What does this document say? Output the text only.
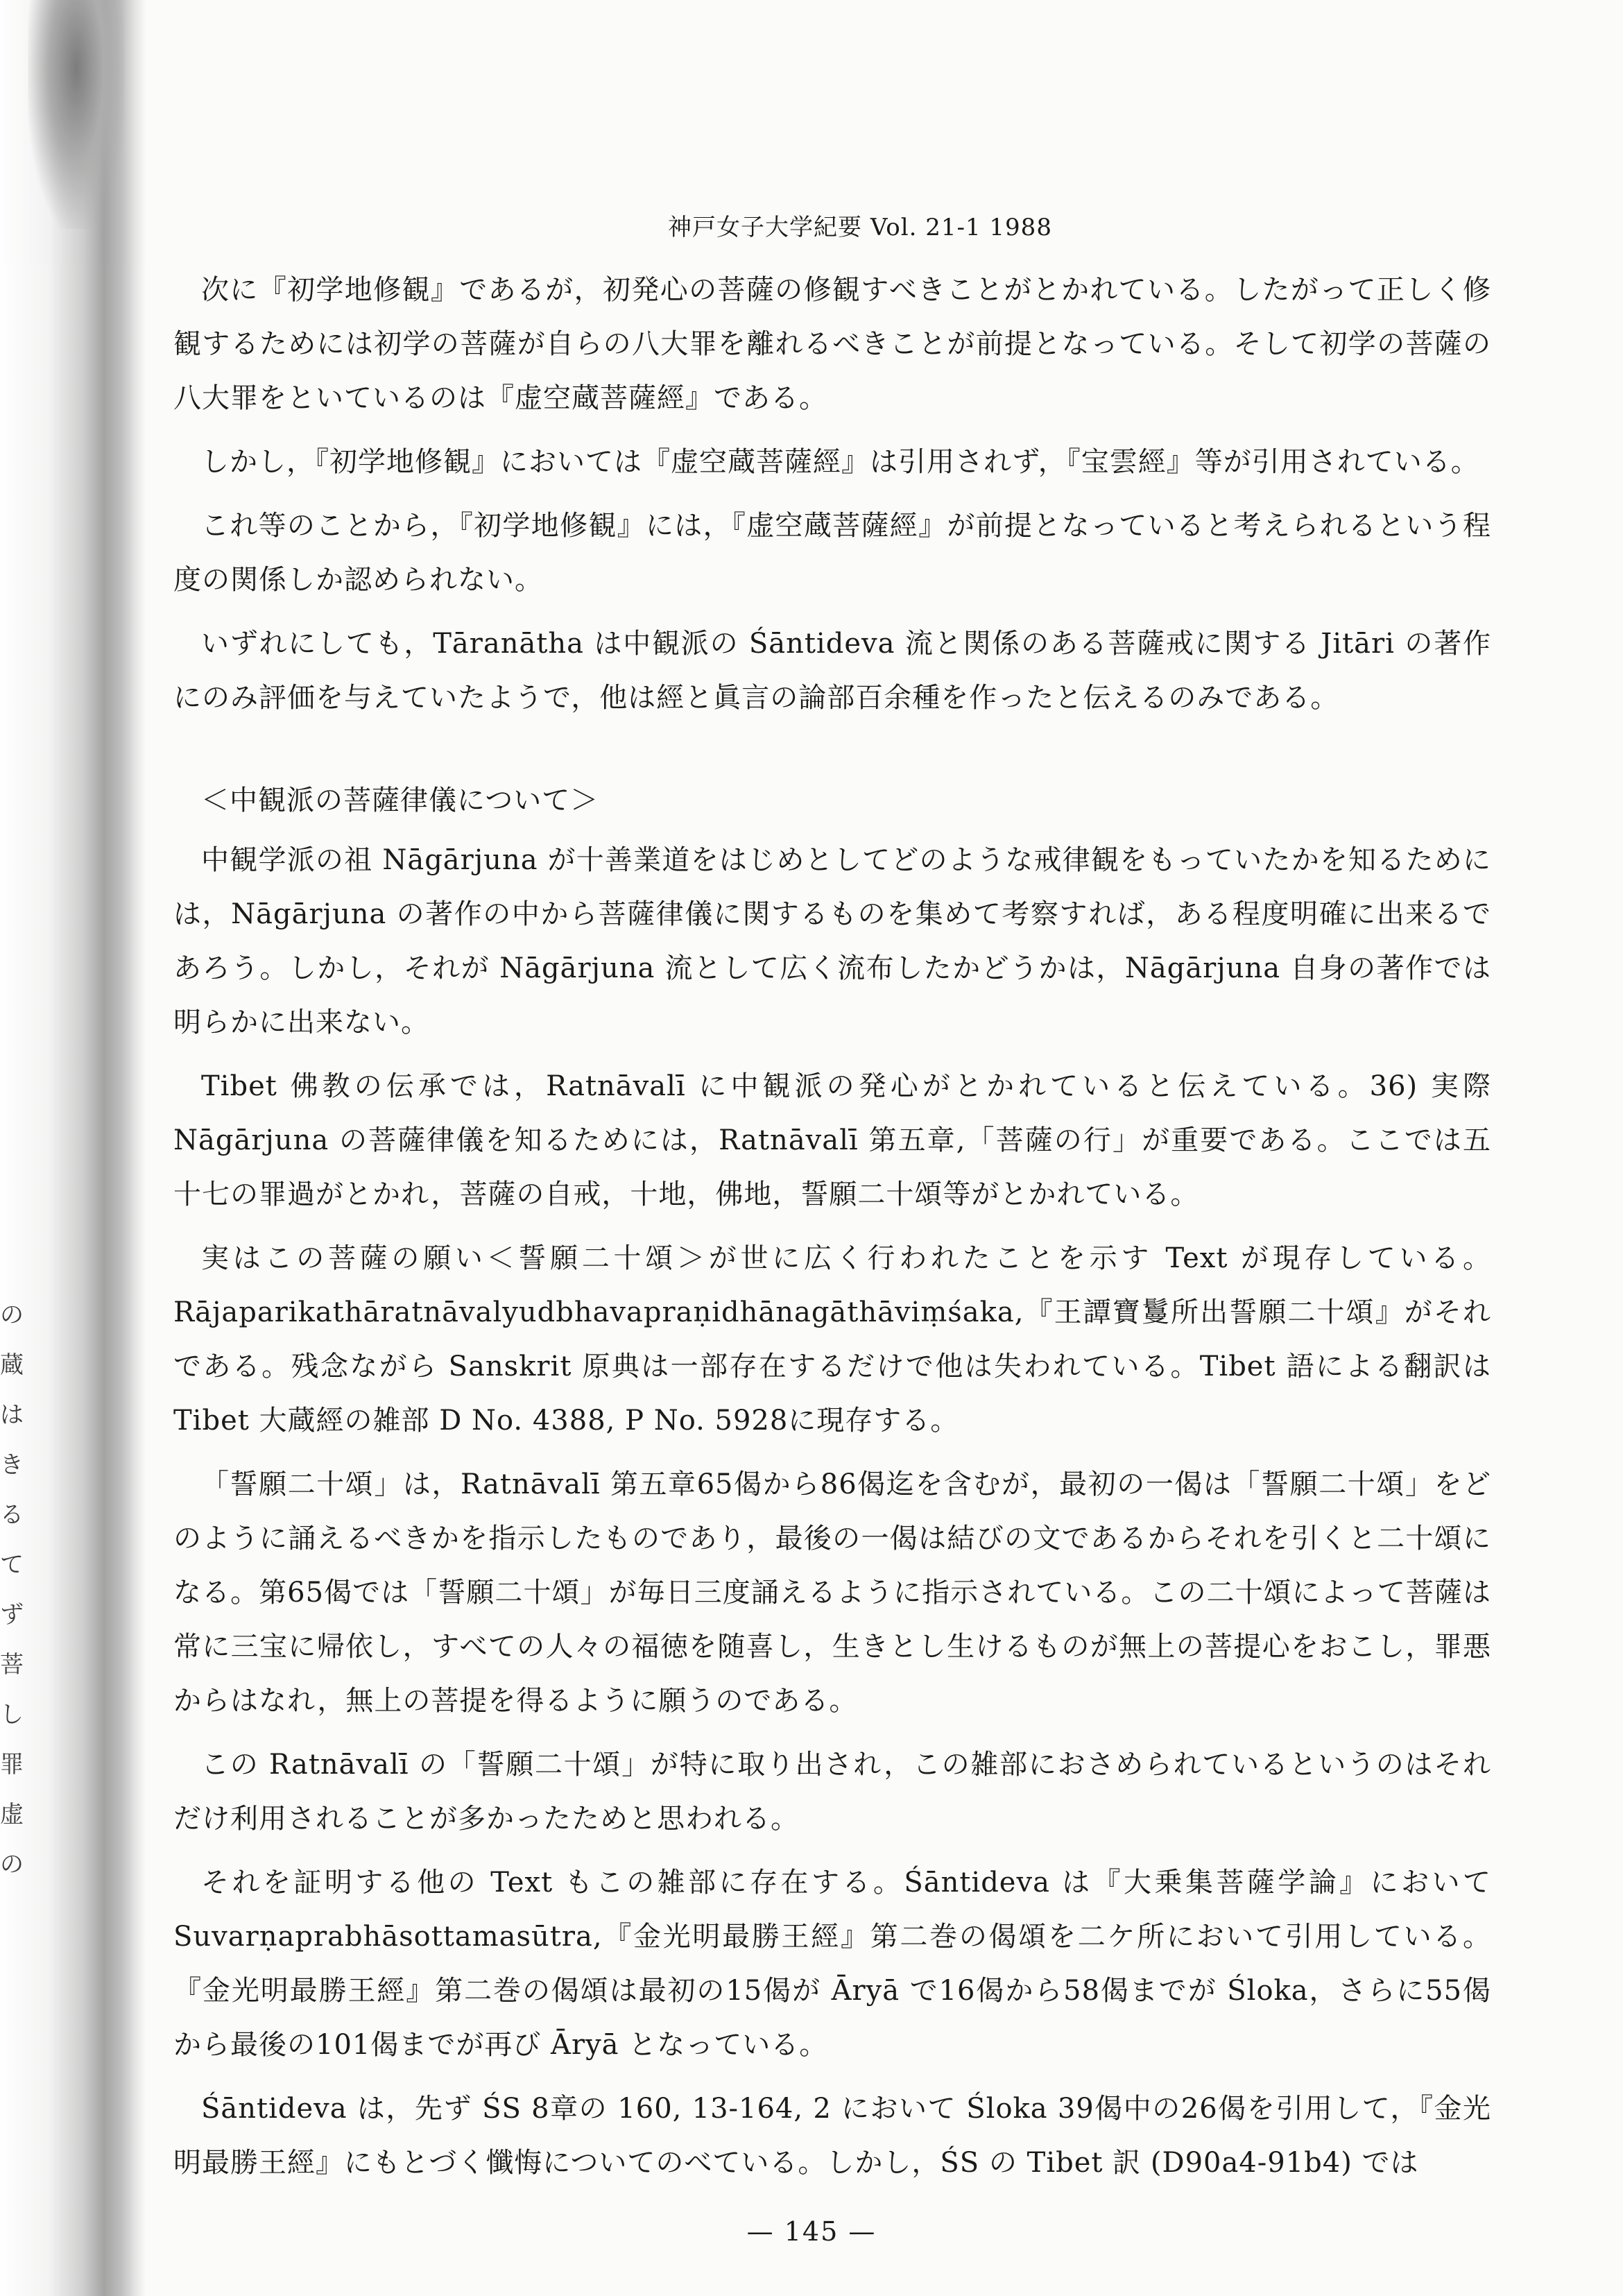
の
蔵
は
き
る
て
ず
菩
し
罪
虚
の
神戸女子大学紀要 Vol. 21-1 1988

次に『初学地修観』であるが，初発心の菩薩の修観すべきことがとかれている。したがって正しく修観するためには初学の菩薩が自らの八大罪を離れるべきことが前提となっている。そして初学の菩薩の八大罪をといているのは『虚空蔵菩薩經』である。

しかし，『初学地修観』においては『虚空蔵菩薩經』は引用されず，『宝雲經』等が引用されている。

これ等のことから，『初学地修観』には，『虚空蔵菩薩經』が前提となっていると考えられるという程度の関係しか認められない。

いずれにしても，Tāranātha は中観派の Śāntideva 流と関係のある菩薩戒に関する Jitāri の著作にのみ評価を与えていたようで，他は經と眞言の論部百余種を作ったと伝えるのみである。

＜中観派の菩薩律儀について＞

中観学派の祖 Nāgārjuna が十善業道をはじめとしてどのような戒律観をもっていたかを知るためには，Nāgārjuna の著作の中から菩薩律儀に関するものを集めて考察すれば，ある程度明確に出来るであろう。しかし，それが Nāgārjuna 流として広く流布したかどうかは，Nāgārjuna 自身の著作では明らかに出来ない。

Tibet 佛教の伝承では，Ratnāvalī に中観派の発心がとかれていると伝えている。36) 実際 Nāgārjuna の菩薩律儀を知るためには，Ratnāvalī 第五章,「菩薩の行」が重要である。ここでは五十七の罪過がとかれ，菩薩の自戒，十地，佛地，誓願二十頌等がとかれている。

実はこの菩薩の願い＜誓願二十頌＞が世に広く行われたことを示す Text が現存している。Rājaparikathāratnāvalyudbhavapraṇidhānagāthāviṃśaka,『王譚寶鬘所出誓願二十頌』がそれである。残念ながら Sanskrit 原典は一部存在するだけで他は失われている。Tibet 語による翻訳は Tibet 大蔵經の雑部 D No. 4388, P No. 5928に現存する。

「誓願二十頌」は，Ratnāvalī 第五章65偈から86偈迄を含むが，最初の一偈は「誓願二十頌」をどのように誦えるべきかを指示したものであり，最後の一偈は結びの文であるからそれを引くと二十頌になる。第65偈では「誓願二十頌」が毎日三度誦えるように指示されている。この二十頌によって菩薩は常に三宝に帰依し，すべての人々の福徳を随喜し，生きとし生けるものが無上の菩提心をおこし，罪悪からはなれ，無上の菩提を得るように願うのである。

この Ratnāvalī の「誓願二十頌」が特に取り出され，この雑部におさめられているというのはそれだけ利用されることが多かったためと思われる。

それを証明する他の Text もこの雑部に存在する。Śāntideva は『大乗集菩薩学論』において Suvarṇaprabhāsottamasūtra,『金光明最勝王經』第二巻の偈頌を二ケ所において引用している。『金光明最勝王經』第二巻の偈頌は最初の15偈が Āryā で16偈から58偈までが Śloka，さらに55偈から最後の101偈までが再び Āryā となっている。

Śāntideva は，先ず ŚS 8章の 160, 13-164, 2 において Śloka 39偈中の26偈を引用して，『金光明最勝王經』にもとづく懺悔についてのべている。しかし，ŚS の Tibet 訳 (D90a4-91b4) では

— 145 —
